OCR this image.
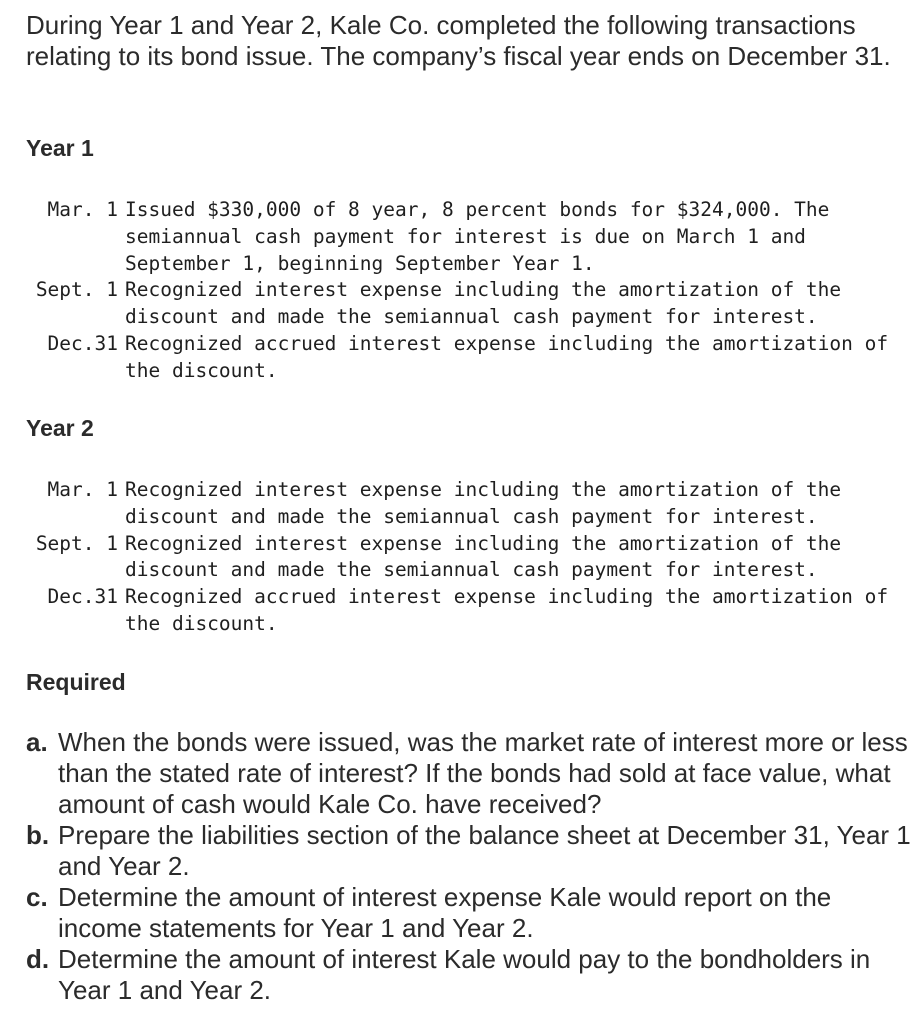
During Year 1 and Year 2, Kale Co. completed the following transactions relating to its bond issue. The company’s fiscal year ends on December 31.

Year 1
Mar. 1 Issued $330,000 of 8 year, 8 percent bonds for $324,000. The semiannual cash payment for interest is due on March 1 and September 1, beginning September Year 1.
Sept. 1 Recognized interest expense including the amortization of the discount and made the semiannual cash payment for interest.
Dec.31 Recognized accrued interest expense including the amortization of the discount.
Year 2
Mar. 1 Recognized interest expense including the amortization of the discount and made the semiannual cash payment for interest.
Sept. 1 Recognized interest expense including the amortization of the discount and made the semiannual cash payment for interest.
Dec.31 Recognized accrued interest expense including the amortization of the discount.
Required
a. When the bonds were issued, was the market rate of interest more or less than the stated rate of interest? If the bonds had sold at face value, what amount of cash would Kale Co. have received?
b. Prepare the liabilities section of the balance sheet at December 31, Year 1 and Year 2.
c. Determine the amount of interest expense Kale would report on the income statements for Year 1 and Year 2.
d. Determine the amount of interest Kale would pay to the bondholders in Year 1 and Year 2.
